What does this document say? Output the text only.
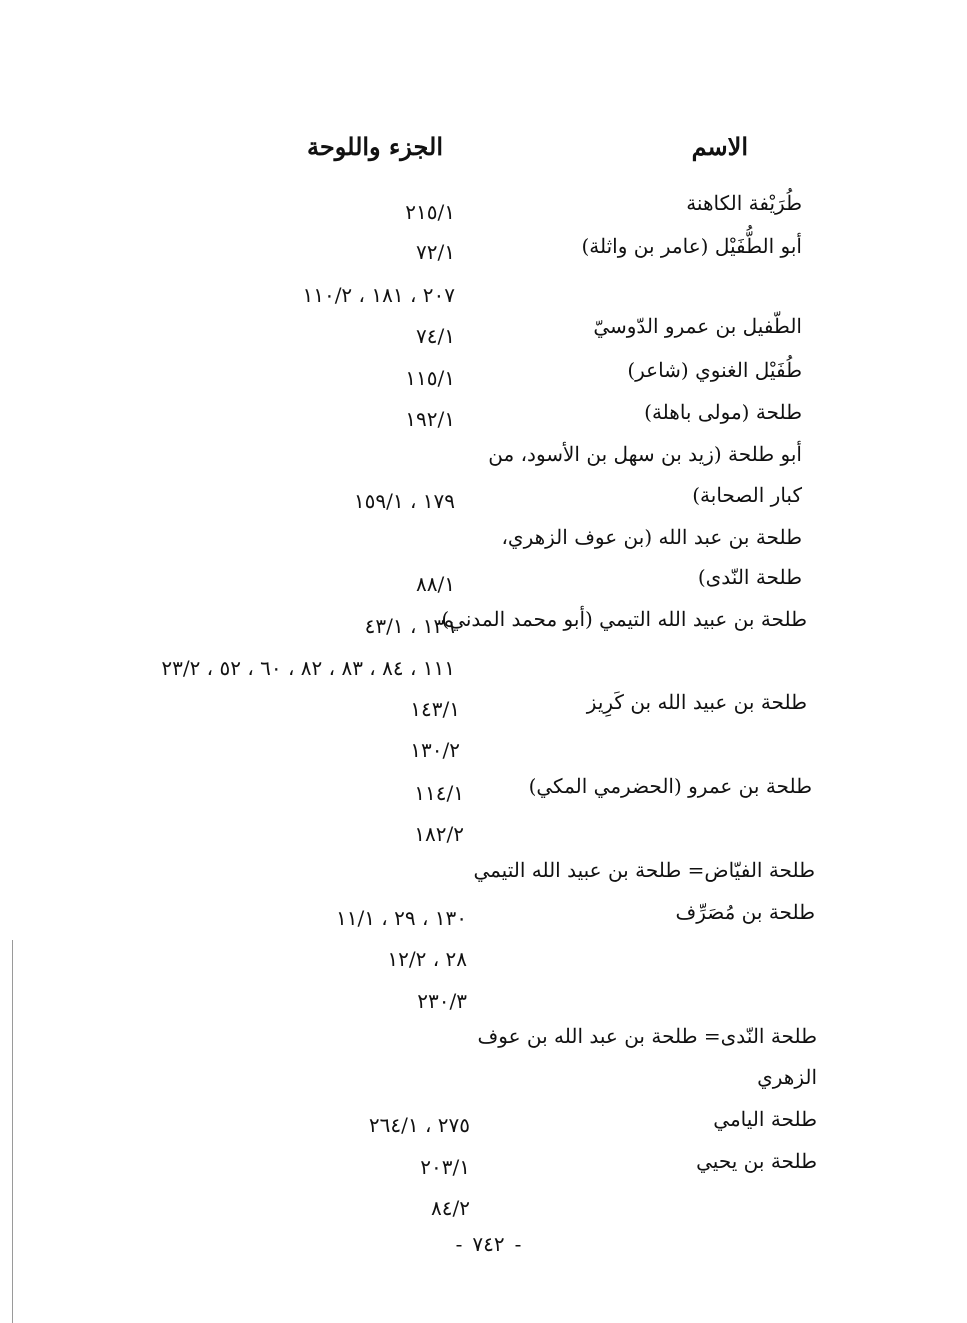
الاسم
الجزء واللوحة
طُرَيْفة الكاهنة
٢١٥/١
أبو الطُّفَيْل (عامر بن واثلة)
٧٢/١
٢٠٧ ، ١٨١ ، ١١٠/٢
الطّفيل بن عمرو الدّوسيّ
٧٤/١
طُفَيْل الغنوي (شاعر)
١١٥/١
طلحة (مولى باهلة)
١٩٢/١
أبو طلحة (زيد بن سهل بن الأسود، من
كبار الصحابة)
١٧٩ ، ١٥٩/١
طلحة بن عبد الله (بن عوف الزهري،
طلحة النّدى)
٨٨/١
طلحة بن عبيد الله التيمي (أبو محمد المدني)
١٣٩ ، ٤٣/١
١١١ ، ٨٤ ، ٨٣ ، ٨٢ ، ٦٠ ، ٥٢ ، ٢٣/٢
طلحة بن عبيد الله بن كَرِيز
١٤٣/١
١٣٠/٢
طلحة بن عمرو (الحضرمي المكي)
١١٤/١
١٨٢/٢
طلحة الفيّاض= طلحة بن عبيد الله التيمي
طلحة بن مُصَرِّف
١٣٠ ، ٢٩ ، ١١/١
٢٨ ، ١٢/٢
٢٣٠/٣
طلحة النّدى= طلحة بن عبد الله بن عوف
الزهري
طلحة اليامي
٢٧٥ ، ٢٦٤/١
طلحة بن يحيي
٢٠٣/١
٨٤/٢
-٧٤٢-
